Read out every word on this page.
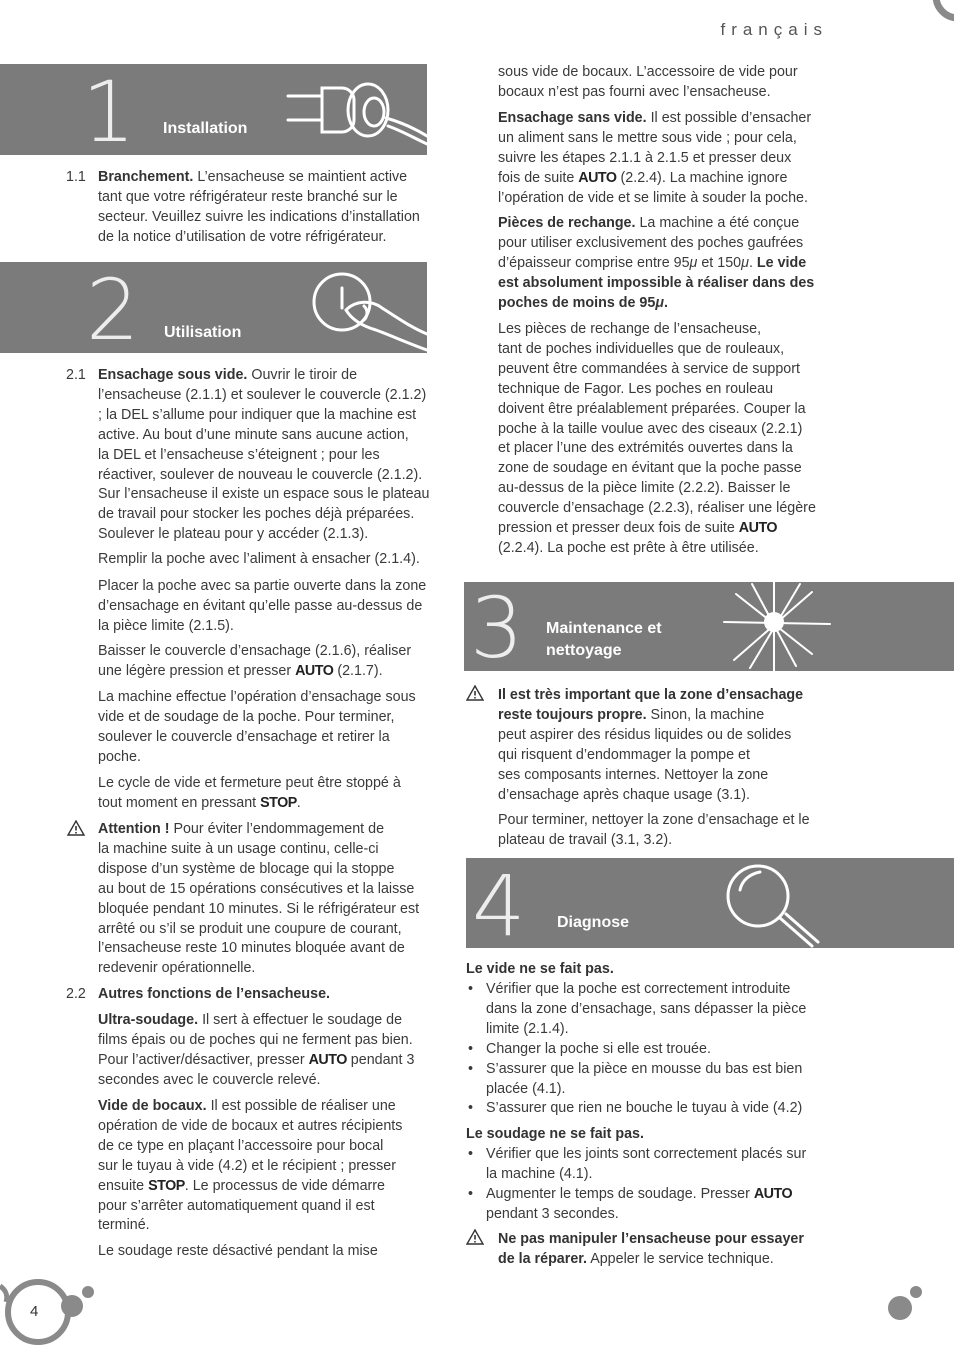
français
1 Installation
1.1 Branchement. L’ensacheuse se maintient active
tant que votre réfrigérateur reste branché sur le
secteur. Veuillez suivre les indications d’installation
de la notice d’utilisation de votre réfrigérateur.
2 Utilisation
2.1 Ensachage sous vide. Ouvrir le tiroir de
l’ensacheuse (2.1.1) et soulever le couvercle (2.1.2)
; la DEL s’allume pour indiquer que la machine est
active. Au bout d’une minute sans aucune action,
la DEL et l’ensacheuse s’éteignent ; pour les
réactiver, soulever de nouveau le couvercle (2.1.2).
Sur l’ensacheuse il existe un espace sous le plateau
de travail pour stocker les poches déjà préparées.
Soulever le plateau pour y accéder (2.1.3).
Remplir la poche avec l’aliment à ensacher (2.1.4).
Placer la poche avec sa partie ouverte dans la zone
d’ensachage en évitant qu’elle passe au-dessus de
la pièce limite (2.1.5).
Baisser le couvercle d’ensachage (2.1.6), réaliser
une légère pression et presser AUTO (2.1.7).
La machine effectue l’opération d’ensachage sous
vide et de soudage de la poche. Pour terminer,
soulever le couvercle d’ensachage et retirer la
poche.
Le cycle de vide et fermeture peut être stoppé à
tout moment en pressant STOP.
Attention ! Pour éviter l’endommagement de
la machine suite à un usage continu, celle-ci
dispose d’un système de blocage qui la stoppe
au bout de 15 opérations consécutives et la laisse
bloquée pendant 10 minutes. Si le réfrigérateur est
arrêté ou s’il se produit une coupure de courant,
l’ensacheuse reste 10 minutes bloquée avant de
redevenir opérationnelle.
2.2 Autres fonctions de l’ensacheuse.
Ultra-soudage. Il sert à effectuer le soudage de
films épais ou de poches qui ne ferment pas bien.
Pour l’activer/désactiver, presser AUTO pendant 3
secondes avec le couvercle relevé.
Vide de bocaux. Il est possible de réaliser une
opération de vide de bocaux et autres récipients
de ce type en plaçant l’accessoire pour bocal
sur le tuyau à vide (4.2) et le récipient ; presser
ensuite STOP. Le processus de vide démarre
pour s’arrêter automatiquement quand il est
terminé.
Le soudage reste désactivé pendant la mise
sous vide de bocaux. L’accessoire de vide pour
bocaux n’est pas fourni avec l’ensacheuse.
Ensachage sans vide. Il est possible d’ensacher
un aliment sans le mettre sous vide ; pour cela,
suivre les étapes 2.1.1 à 2.1.5 et presser deux
fois de suite AUTO (2.2.4). La machine ignore
l’opération de vide et se limite à souder la poche.
Pièces de rechange. La machine a été conçue
pour utiliser exclusivement des poches gaufrées
d’épaisseur comprise entre 95μ et 150μ. Le vide
est absolument impossible à réaliser dans des
poches de moins de 95μ.
Les pièces de rechange de l’ensacheuse,
tant de poches individuelles que de rouleaux,
peuvent être commandées à service de support
technique de Fagor. Les poches en rouleau
doivent être préalablement préparées. Couper la
poche à la taille voulue avec des ciseaux (2.2.1)
et placer l’une des extrémités ouvertes dans la
zone de soudage en évitant que la poche passe
au-dessus de la pièce limite (2.2.2). Baisser le
couvercle d’ensachage (2.2.3), réaliser une légère
pression et presser deux fois de suite AUTO
(2.2.4). La poche est prête à être utilisée.
3 Maintenance et
nettoyage
Il est très important que la zone d’ensachage
reste toujours propre. Sinon, la machine
peut aspirer des résidus liquides ou de solides
qui risquent d’endommager la pompe et
ses composants internes. Nettoyer la zone
d’ensachage après chaque usage (3.1).
Pour terminer, nettoyer la zone d’ensachage et le
plateau de travail (3.1, 3.2).
4 Diagnose
Le vide ne se fait pas.
• Vérifier que la poche est correctement introduite
dans la zone d’ensachage, sans dépasser la pièce
limite (2.1.4).
• Changer la poche si elle est trouée.
• S’assurer que la pièce en mousse du bas est bien
placée (4.1).
• S’assurer que rien ne bouche le tuyau à vide (4.2)
Le soudage ne se fait pas.
• Vérifier que les joints sont correctement placés sur
la machine (4.1).
• Augmenter le temps de soudage. Presser AUTO
pendant 3 secondes.
Ne pas manipuler l’ensacheuse pour essayer
de la réparer. Appeler le service technique.
4
